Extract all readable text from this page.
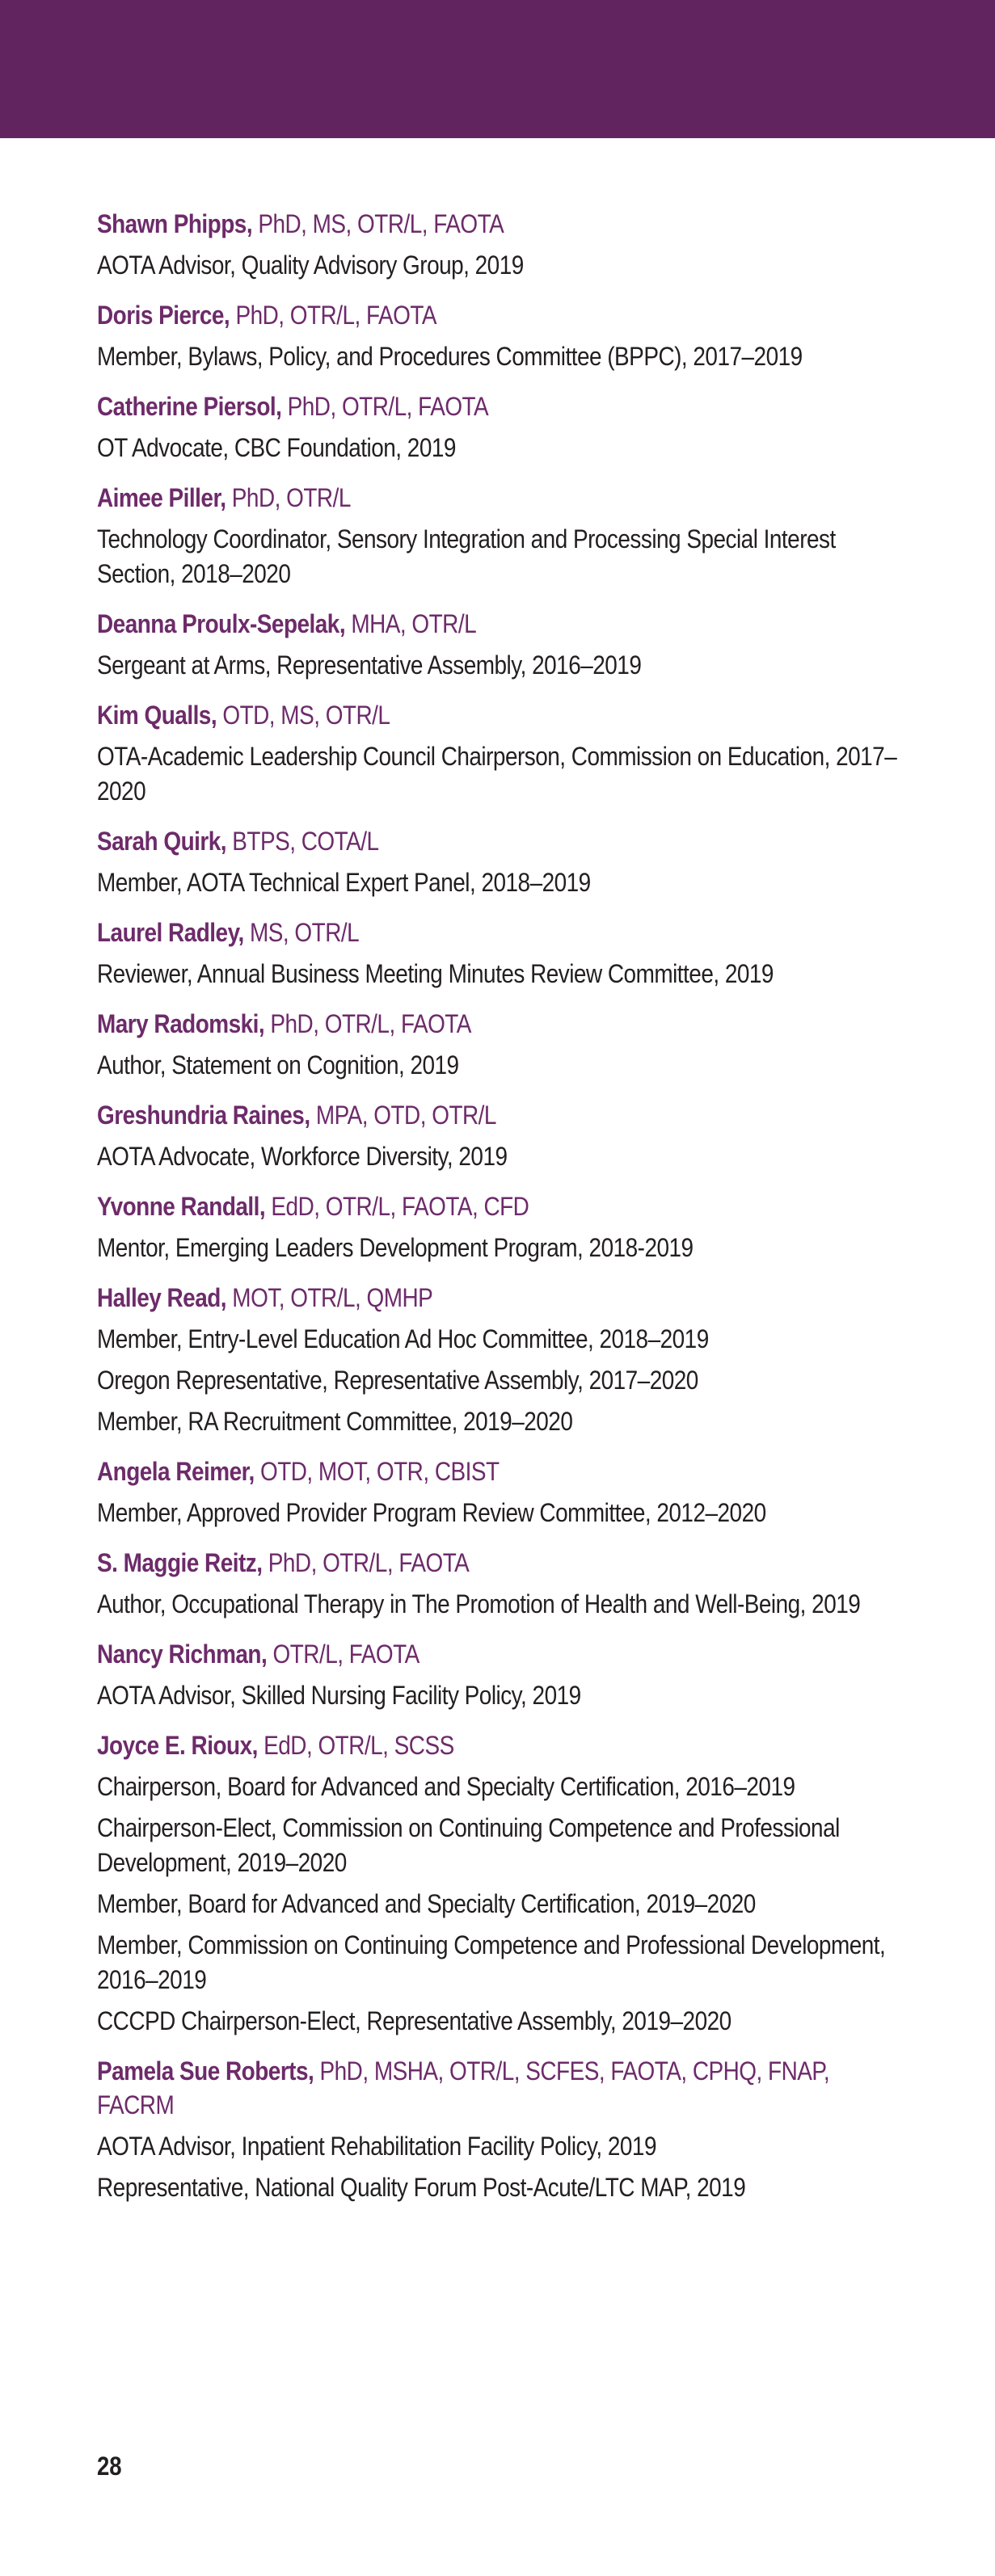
Shawn Phipps, PhD, MS, OTR/L, FAOTA
AOTA Advisor, Quality Advisory Group, 2019
Doris Pierce, PhD, OTR/L, FAOTA
Member, Bylaws, Policy, and Procedures Committee (BPPC), 2017–2019
Catherine Piersol, PhD, OTR/L, FAOTA
OT Advocate, CBC Foundation, 2019
Aimee Piller, PhD, OTR/L
Technology Coordinator, Sensory Integration and Processing Special Interest Section, 2018–2020
Deanna Proulx-Sepelak, MHA, OTR/L
Sergeant at Arms, Representative Assembly, 2016–2019
Kim Qualls, OTD, MS, OTR/L
OTA-Academic Leadership Council Chairperson, Commission on Education, 2017–2020
Sarah Quirk, BTPS, COTA/L
Member, AOTA Technical Expert Panel, 2018–2019
Laurel Radley, MS, OTR/L
Reviewer, Annual Business Meeting Minutes Review Committee, 2019
Mary Radomski, PhD, OTR/L, FAOTA
Author, Statement on Cognition, 2019
Greshundria Raines, MPA, OTD, OTR/L
AOTA Advocate, Workforce Diversity, 2019
Yvonne Randall, EdD, OTR/L, FAOTA, CFD
Mentor, Emerging Leaders Development Program, 2018-2019
Halley Read, MOT, OTR/L, QMHP
Member, Entry-Level Education Ad Hoc Committee, 2018–2019
Oregon Representative, Representative Assembly, 2017–2020
Member, RA Recruitment Committee, 2019–2020
Angela Reimer, OTD, MOT, OTR, CBIST
Member, Approved Provider Program Review Committee, 2012–2020
S. Maggie Reitz, PhD, OTR/L, FAOTA
Author, Occupational Therapy in The Promotion of Health and Well-Being, 2019
Nancy Richman, OTR/L, FAOTA
AOTA Advisor, Skilled Nursing Facility Policy, 2019
Joyce E. Rioux, EdD, OTR/L, SCSS
Chairperson, Board for Advanced and Specialty Certification, 2016–2019
Chairperson-Elect, Commission on Continuing Competence and Professional Development, 2019–2020
Member, Board for Advanced and Specialty Certification, 2019–2020
Member, Commission on Continuing Competence and Professional Development, 2016–2019
CCCPD Chairperson-Elect, Representative Assembly, 2019–2020
Pamela Sue Roberts, PhD, MSHA, OTR/L, SCFES, FAOTA, CPHQ, FNAP, FACRM
AOTA Advisor, Inpatient Rehabilitation Facility Policy, 2019
Representative, National Quality Forum Post-Acute/LTC MAP, 2019
28
